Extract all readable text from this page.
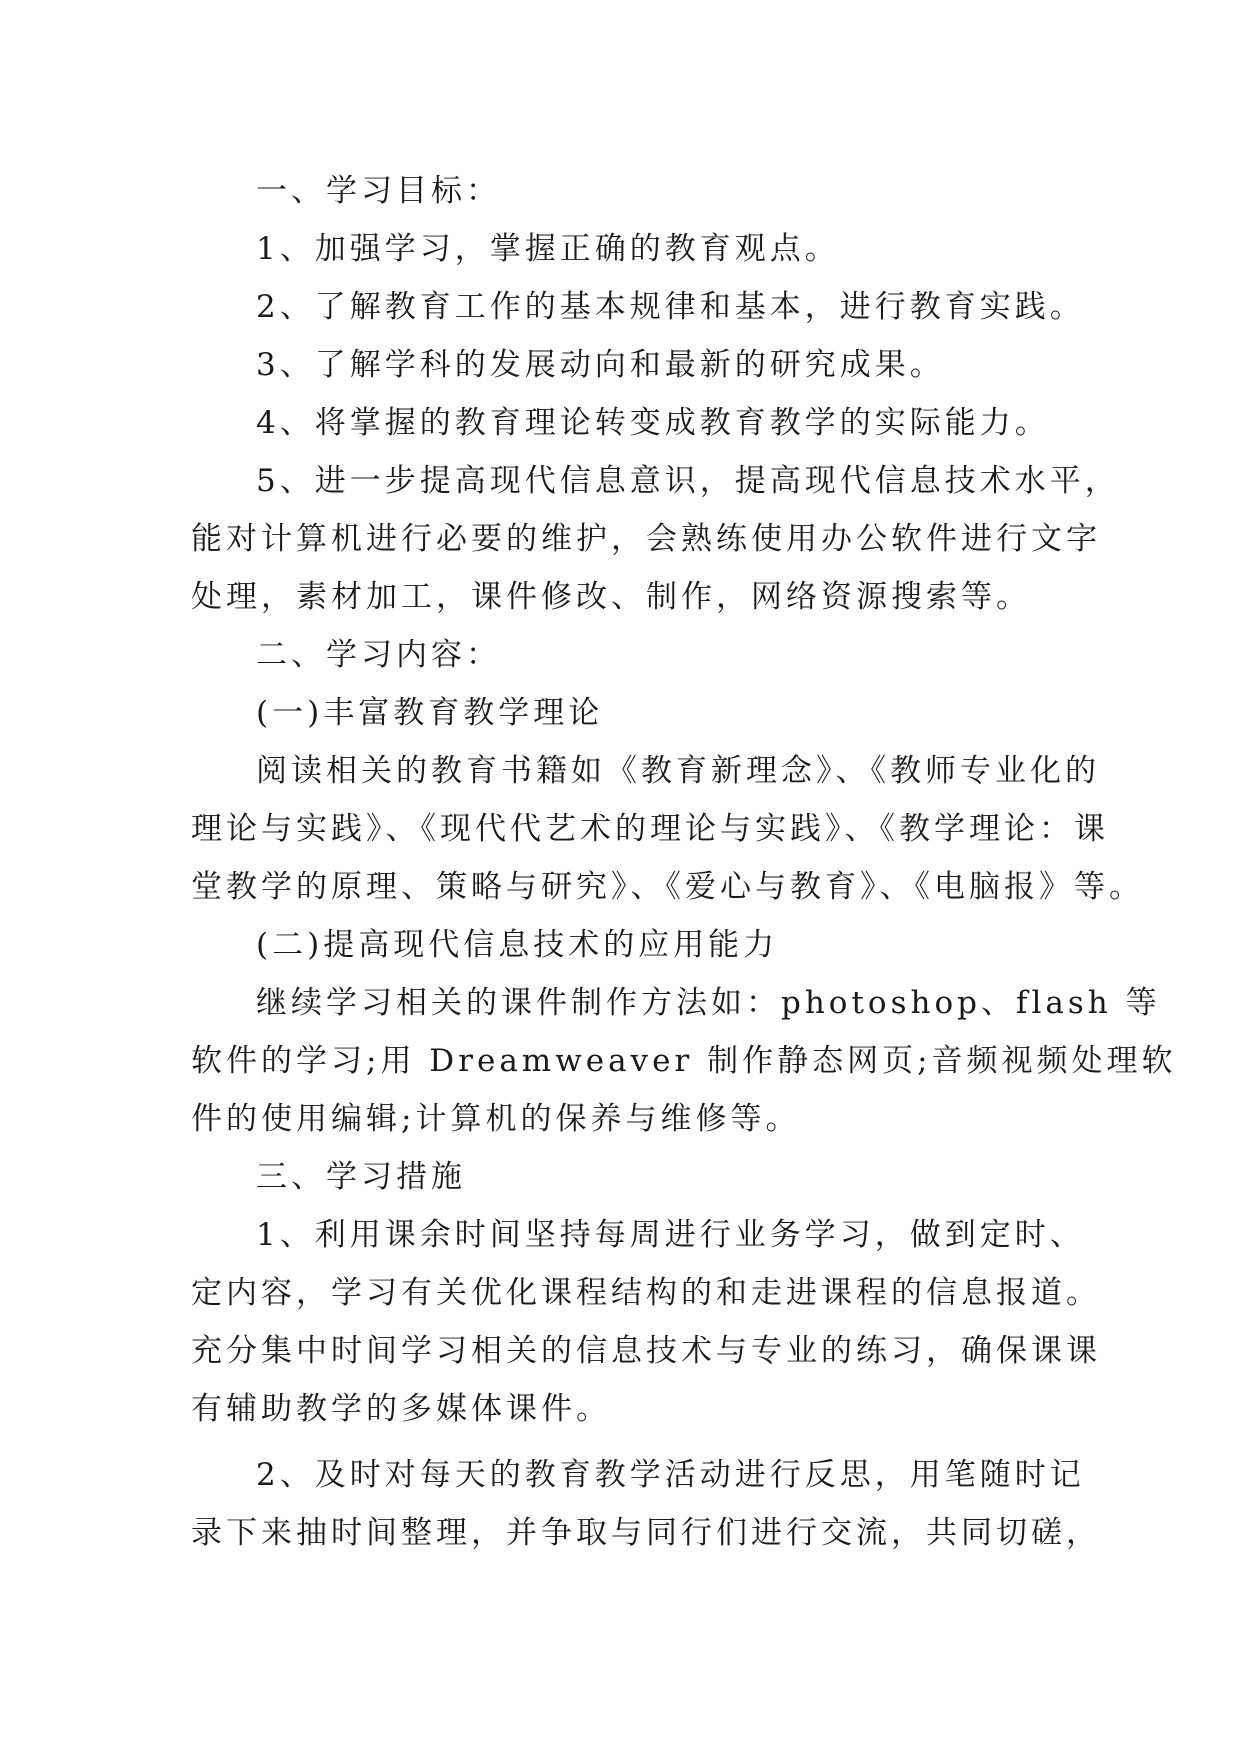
一、学习目标：

1、加强学习，掌握正确的教育观点。

2、了解教育工作的基本规律和基本，进行教育实践。

3、了解学科的发展动向和最新的研究成果。

4、将掌握的教育理论转变成教育教学的实际能力。

5、进一步提高现代信息意识，提高现代信息技术水平，

能对计算机进行必要的维护，会熟练使用办公软件进行文字

处理，素材加工，课件修改、制作，网络资源搜索等。

二、学习内容：

(一)丰富教育教学理论

阅读相关的教育书籍如《教育新理念》、《教师专业化的

理论与实践》、《现代代艺术的理论与实践》、《教学理论：课

堂教学的原理、策略与研究》、《爱心与教育》、《电脑报》等。

(二)提高现代信息技术的应用能力

继续学习相关的课件制作方法如：photoshop、flash 等

软件的学习;用 Dreamweaver 制作静态网页;音频视频处理软

件的使用编辑;计算机的保养与维修等。

三、学习措施

1、利用课余时间坚持每周进行业务学习，做到定时、

定内容，学习有关优化课程结构的和走进课程的信息报道。

充分集中时间学习相关的信息技术与专业的练习，确保课课

有辅助教学的多媒体课件。

2、及时对每天的教育教学活动进行反思，用笔随时记

录下来抽时间整理，并争取与同行们进行交流，共同切磋，
